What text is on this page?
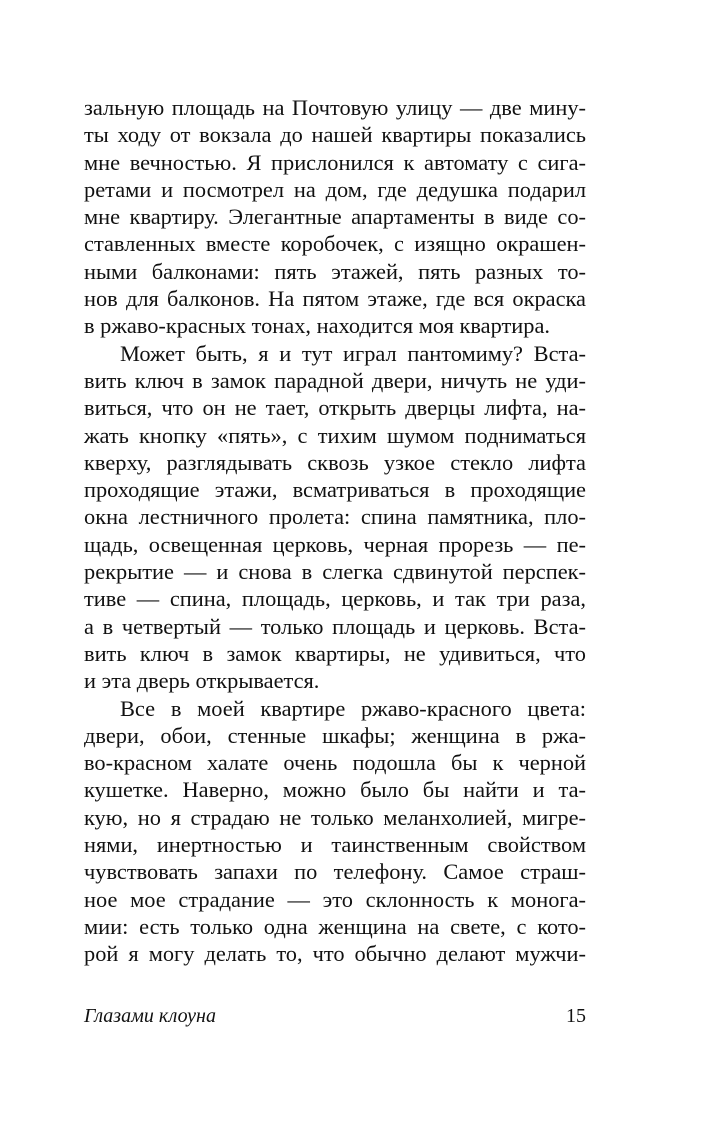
зальную площадь на Почтовую улицу — две мину-
ты ходу от вокзала до нашей квартиры показались
мне вечностью. Я прислонился к автомату с сига-
ретами и посмотрел на дом, где дедушка подарил
мне квартиру. Элегантные апартаменты в виде со-
ставленных вместе коробочек, с изящно окрашен-
ными балконами: пять этажей, пять разных то-
нов для балконов. На пятом этаже, где вся окраска
в ржаво-красных тонах, находится моя квартира.
Может быть, я и тут играл пантомиму? Вста-
вить ключ в замок парадной двери, ничуть не уди-
виться, что он не тает, открыть дверцы лифта, на-
жать кнопку «пять», с тихим шумом подниматься
кверху, разглядывать сквозь узкое стекло лифта
проходящие этажи, всматриваться в проходящие
окна лестничного пролета: спина памятника, пло-
щадь, освещенная церковь, черная прорезь — пе-
рекрытие — и снова в слегка сдвинутой перспек-
тиве — спина, площадь, церковь, и так три раза,
а в четвертый — только площадь и церковь. Вста-
вить ключ в замок квартиры, не удивиться, что
и эта дверь открывается.
Все в моей квартире ржаво-красного цвета:
двери, обои, стенные шкафы; женщина в ржа-
во-красном халате очень подошла бы к черной
кушетке. Наверно, можно было бы найти и та-
кую, но я страдаю не только меланхолией, мигре-
нями, инертностью и таинственным свойством
чувствовать запахи по телефону. Самое страш-
ное мое страдание — это склонность к монога-
мии: есть только одна женщина на свете, с кото-
рой я могу делать то, что обычно делают мужчи-
Глазами клоуна	15
